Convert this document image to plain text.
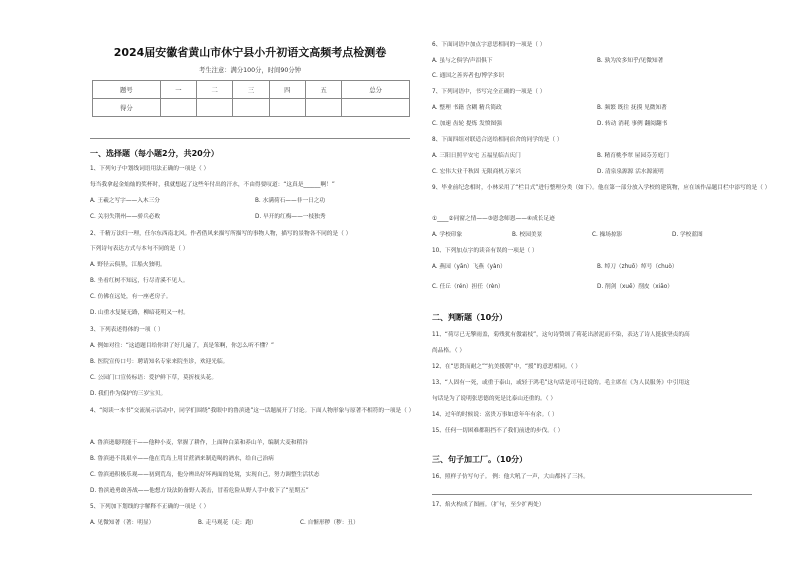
2024届安徽省黄山市休宁县小升初语文高频考点检测卷
考生注意：满分100分，时间90分钟
题号	一	二	三	四	五	总分
得分						
一、选择题（每小题2分，共20分）
1、下列句子中划线词语用法正确的一项是（ ）
每当我拿起金灿灿的奖杯时，我就想起了这些年付出的汗水，不由得要叹道：“这真是______啊！”
A. 王羲之写字——入木三分	B. 水满荷石——非一日之功
C. 关羽失荆州——骄兵必败	D. 早开的红梅——一枝独秀
2、千精万法归一理，任尔东西南北风。作者借风来描写所描写的事物人物，描写的景物各不同的是（ ）
下列诗句表达方式与本句不同的是（ ）
A. 野径云俱黑，江船火独明。
B. 坐看红树不知远，行尽青溪不见人。
C. 仿佛在远处，有一座老房子。
D. 山重水复疑无路，柳暗花明又一村。
3、下列表述得体的一项（ ）
A. 例如对往：“这道题目给你讲了好几遍了，真是笨啊，你怎么听不懂？”
B. 医院宣传口号：聘请知名专家来院坐诊，欢迎光临。
C. 公园门口宣传标语：爱护鲜下草，莫折枝头花。
D. 我们作为保护的三岁宝贝。
4、“阅读一本书”交流展示活动中，同学们围绕“我眼中的鲁滨逊”这一话题展开了讨论。下面人物形象与原著不相符的一项是（ ）
A. 鲁滨逊聪明能干——他种小麦，掌握了耕作，上面种白菜和养山羊，编制大麦和稻谷
B. 鲁滨逊不畏艰辛——他在荒岛上用甘蔗酒来制造喝的酒水，给自己治病
C. 鲁滨逊积极乐观——初到荒岛，他分辨出好坏两面的处境，实现自己，努力调整生活状态
D. 鲁滨逊勇敢善战——他想方设法防备野人袭击，冒着危险从野人手中救下了“星期五”
5、下列加下划线的字解释不正确的一项是（ ）
A. 见微知著（著：明显）	B. 走马观花（走：跑）	C. 自惭形秽（秽：丑）
6、下面词语中加点字意思相同的一项是（ ）
A. 虽与之俱学/声泪俱下	B. 孰为汝多知乎/见微知著
C. 通国之善弈者也/博学多识
7、下列词语中，书写完全正确的一项是（ ）
A. 整理 书籍 含糊 精兵简政	B. 频繁 既往 抚摸 见微知著
C. 加速 齿轮 提炼 发愤图强	D. 转动 消耗 事例 翻阅翻书
8、下面四组对联适合送给相同宿舍的同学的是（ ）
A. 三阳日照平安宅 五福星临吉庆门	B. 精育桃李翠 屋园芬芳庭门
C. 宏伟大业千秋固 无限商机万家兴	D. 清泉泉源源 活水源流明
9、毕业前纪念相时，小林采用了“栏目式”进行整理分类（如下）。他在第一部分放入学校的建筑物，应在该作品题目栏中添写的是（ ）
①____②同窗之情——③恩念师恩——④成长足迹
A. 学校印象	B. 校园美景	C. 操场掠影	D. 学校蓝图
10、下列加点字的读音有误的一项是（ ）
A. 燕园（yān）飞燕（yàn）	B. 绰刀（zhuō）绰号（chuò）
C. 任丘（rén）担任（rèn）	D. 削剑（xuē）削皮（xiāo）
二、判断题（10分）
11、“荷尽已无擎雨盖，菊残犹有傲霜枝”，这句诗赞颂了荷花出淤泥而不染，表达了诗人挺拔坚贞的高
尚品格。（ ）
12、在“思贤而耐之”“抗美援朝”中，“援”的意思相同。（ ）
13、“人固有一死，或重于泰山，或轻于鸿毛”这句话是司马迁说的。毛主席在《为人民服务》中引用这
句话是为了说明张思德的死是比泰山还重的。（ ）
14、过年的时候说：富贵万事如意年年有余。（ ）
15、任何一切困难都阻挡不了我们前进的步伐。（ ）
三、句子加工厂。（10分）
16、照样子仿写句子。 例：他大吼了一声，大山都抖了三抖。
17、焰火构成了图画。（扩句，至少扩两处）
